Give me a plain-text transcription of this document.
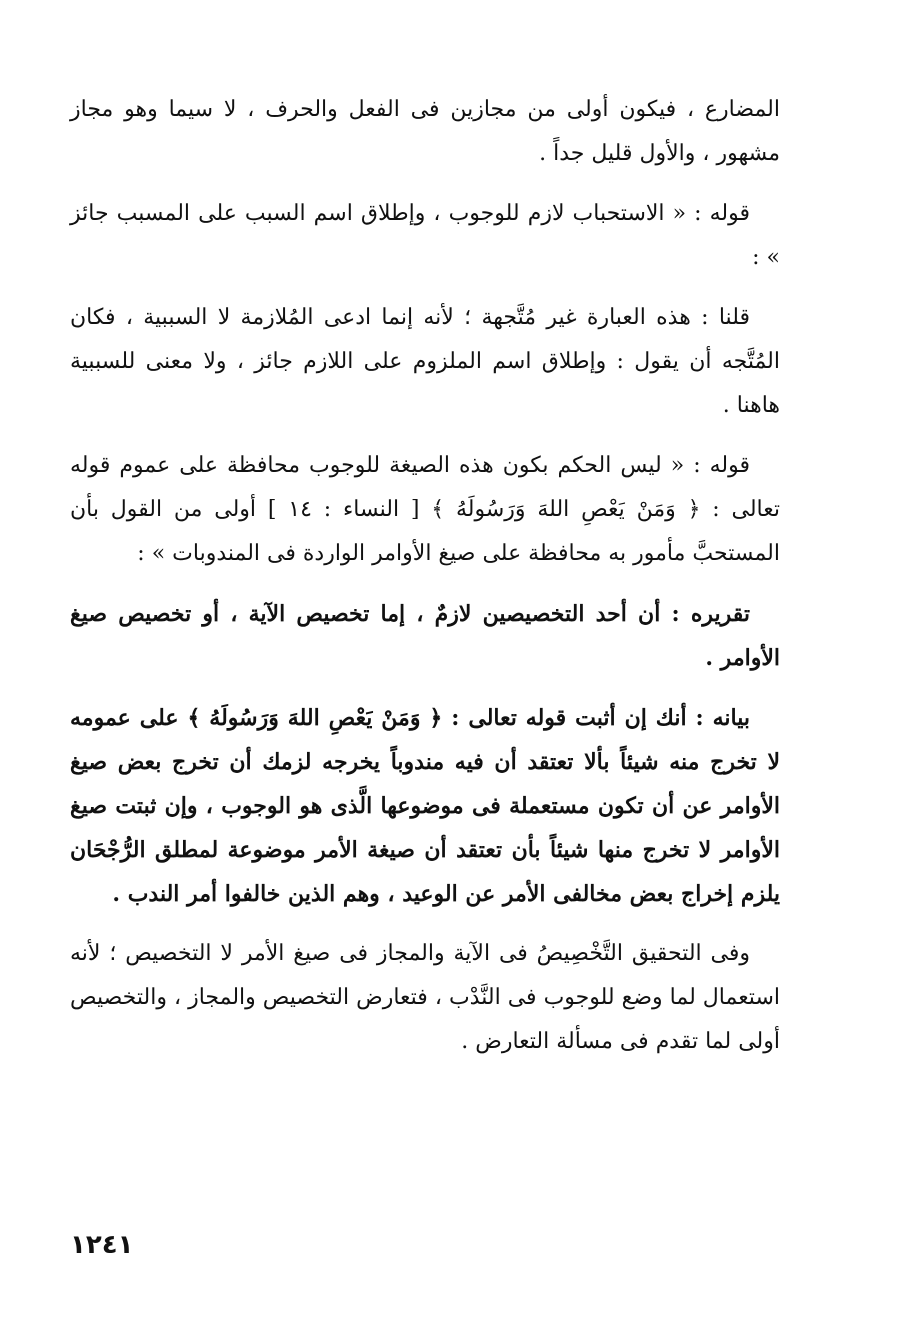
المضارع ، فيكون أولى من مجازين فى الفعل والحرف ، لا سيما وهو مجاز مشهور ، والأول قليل جداً .

قوله : « الاستحباب لازم للوجوب ، وإطلاق اسم السبب على المسبب جائز » :

قلنا : هذه العبارة غير مُتَّجهة ؛ لأنه إنما ادعى المُلازمة لا السببية ، فكان المُتَّجه أن يقول : وإطلاق اسم الملزوم على اللازم جائز ، ولا معنى للسببية هاهنا .

قوله : « ليس الحكم بكون هذه الصيغة للوجوب محافظة على عموم قوله تعالى : ﴿ وَمَنْ يَعْصِ اللهَ وَرَسُولَهُ ﴾ [ النساء : ١٤ ] أولى من القول بأن المستحبَّ مأمور به محافظة على صيغ الأوامر الواردة فى المندوبات » :

تقريره : أن أحد التخصيصين لازمٌ ، إما تخصيص الآية ، أو تخصيص صيغ الأوامر .

بيانه : أنك إن أثبت قوله تعالى : ﴿ وَمَنْ يَعْصِ اللهَ وَرَسُولَهُ ﴾ على عمومه لا تخرج منه شيئاً بألا تعتقد أن فيه مندوباً يخرجه لزمك أن تخرج بعض صيغ الأوامر عن أن تكون مستعملة فى موضوعها الَّذى هو الوجوب ، وإن ثبتت صيغ الأوامر لا تخرج منها شيئاً بأن تعتقد أن صيغة الأمر موضوعة لمطلق الرُّجْحَان يلزم إخراج بعض مخالفى الأمر عن الوعيد ، وهم الذين خالفوا أمر الندب .

وفى التحقيق التَّخْصِيصُ فى الآية والمجاز فى صيغ الأمر لا التخصيص ؛ لأنه استعمال لما وضع للوجوب فى النَّدْب ، فتعارض التخصيص والمجاز ، والتخصيص أولى لما تقدم فى مسألة التعارض .

١٢٤١
